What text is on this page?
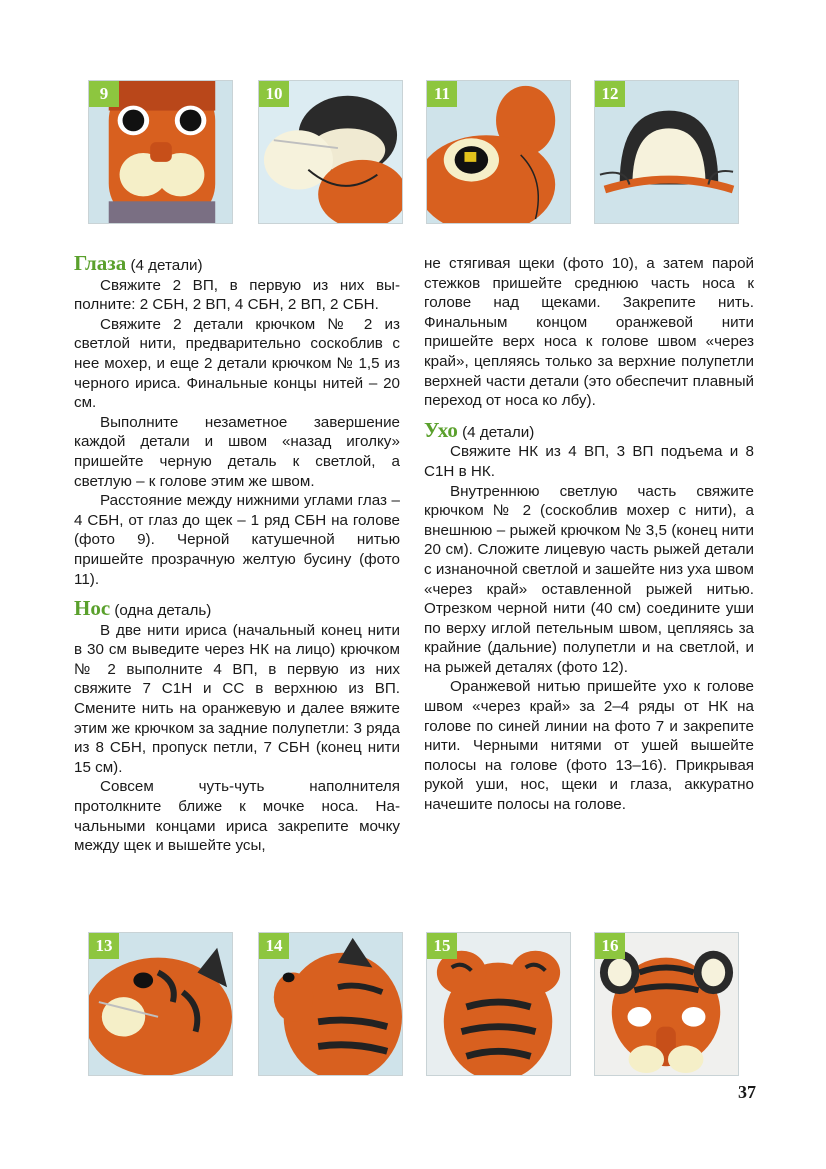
9	10	11	12

Глаза (4 детали)

Свяжите 2 ВП, в первую из них выполните: 2 СБН, 2 ВП, 4 СБН, 2 ВП, 2 СБН.

Свяжите 2 детали крючком № 2 из светлой нити, предварительно соскоблив с нее мохер, и еще 2 детали крючком № 1,5 из черного ириса. Финальные концы нитей – 20 см.

Выполните незаметное завершение каждой детали и швом «назад иголку» пришейте черную деталь к светлой, а светлую – к голове этим же швом.

Расстояние между нижними углами глаз – 4 СБН, от глаз до щек – 1 ряд СБН на голове (фото 9). Черной катушечной нитью пришейте прозрачную желтую бусину (фото 11).

Нос (одна деталь)

В две нити ириса (начальный конец нити в 30 см выведите через НК на лицо) крючком № 2 выполните 4 ВП, в первую из них свяжите 7 С1Н и СС в верхнюю из ВП. Смените нить на оранжевую и далее вяжите этим же крючком за задние полупетли: 3 ряда из 8 СБН, пропуск петли, 7 СБН (конец нити 15 см).

Совсем чуть-чуть наполнителя протолкните ближе к мочке носа. Начальными концами ириса закрепите мочку между щек и вышейте усы,

не стягивая щеки (фото 10), а затем парой стежков пришейте среднюю часть носа к голове над щеками. Закрепите нить. Финальным концом оранжевой нити пришейте верх носа к голове швом «через край», цепляясь только за верхние полупетли верхней части детали (это обеспечит плавный переход от носа ко лбу).

Ухо (4 детали)

Свяжите НК из 4 ВП, 3 ВП подъема и 8 С1Н в НК.

Внутреннюю светлую часть свяжите крючком № 2 (соскоблив мохер с нити), а внешнюю – рыжей крючком № 3,5 (конец нити 20 см). Сложите лицевую часть рыжей детали с изнаночной светлой и зашейте низ уха швом «через край» оставленной рыжей нитью. Отрезком черной нити (40 см) соедините уши по верху иглой петельным швом, цепляясь за крайние (дальние) полупетли и на светлой, и на рыжей деталях (фото 12).

Оранжевой нитью пришейте ухо к голове швом «через край» за 2–4 ряды от НК на голове по синей линии на фото 7 и закрепите нити. Черными нитями от ушей вышейте полосы на голове (фото 13–16). Прикрывая рукой уши, нос, щеки и глаза, аккуратно начешите полосы на голове.

13	14	15	16
37
